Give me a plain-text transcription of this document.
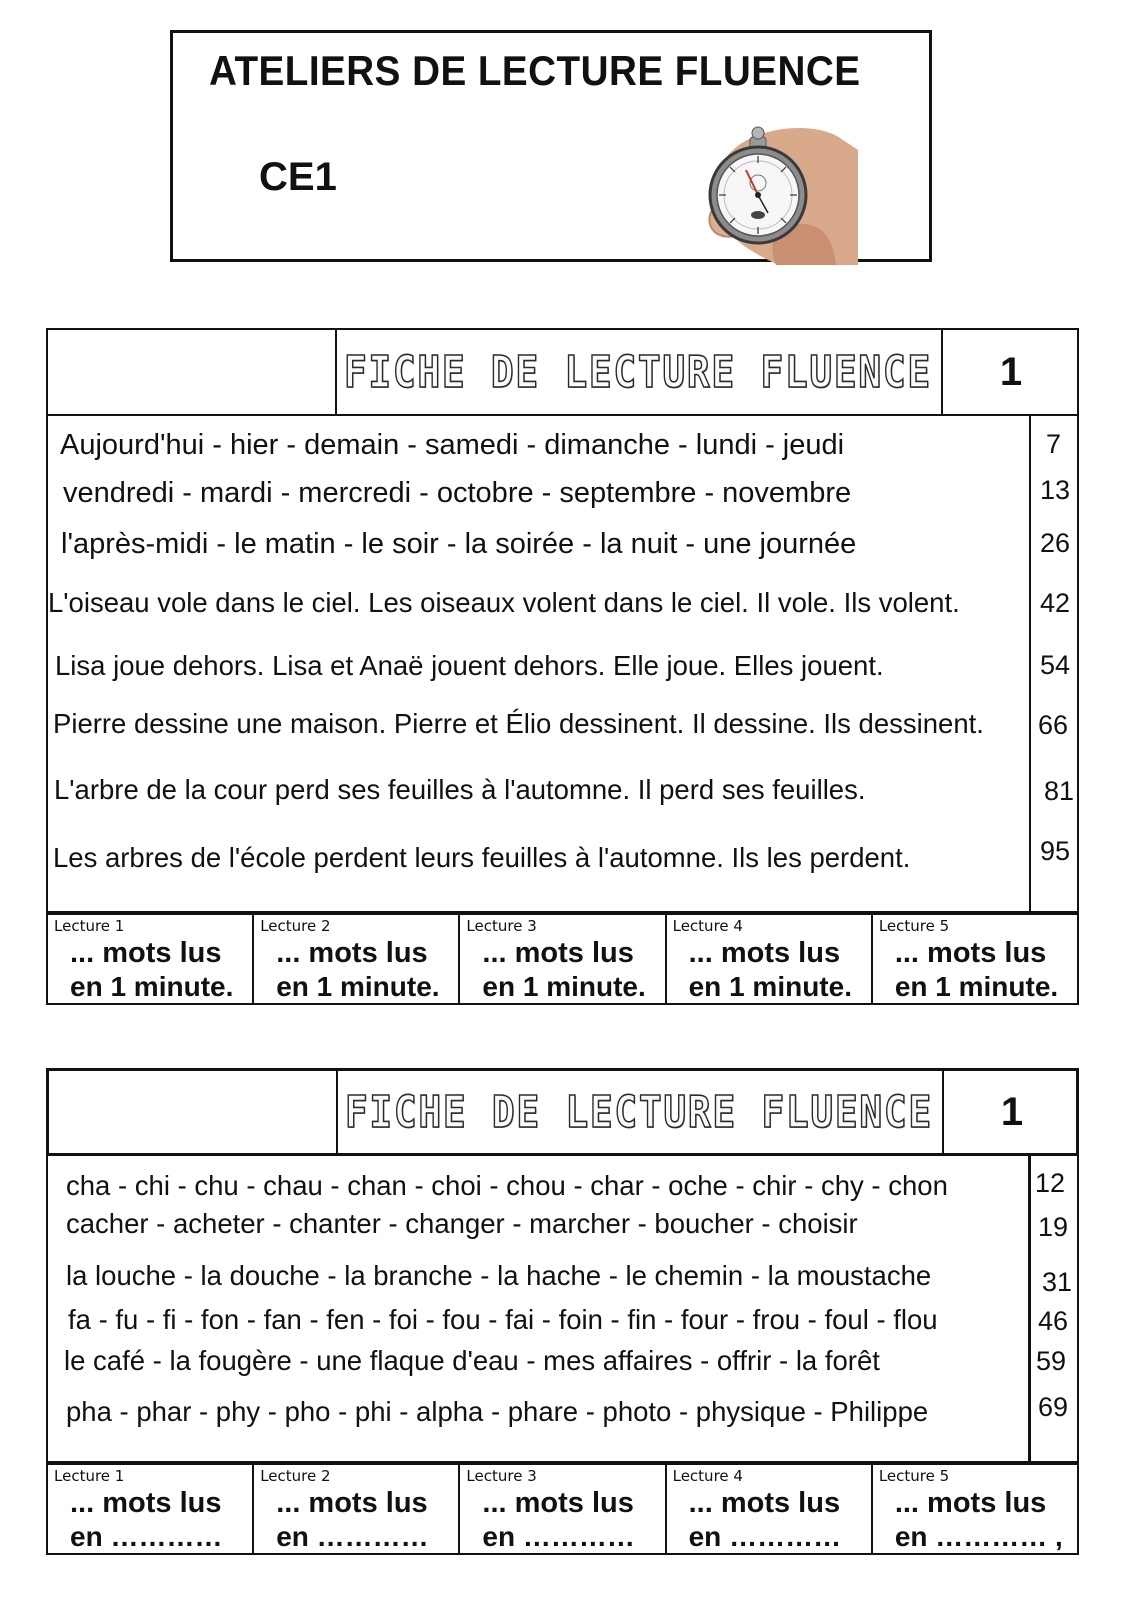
ATELIERS DE LECTURE FLUENCE
CE1
FICHE DE LECTURE FLUENCE	1
Aujourd'hui - hier - demain - samedi - dimanche - lundi - jeudi	7
vendredi - mardi - mercredi - octobre - septembre - novembre	13
l'après-midi - le matin - le soir - la soirée - la nuit - une journée	26
L'oiseau vole dans le ciel. Les oiseaux volent dans le ciel. Il vole. Ils volent.	42
Lisa joue dehors. Lisa et Anaë jouent dehors. Elle joue. Elles jouent.	54
Pierre dessine une maison. Pierre et Élio dessinent. Il dessine. Ils dessinent. 66
L'arbre de la cour perd ses feuilles à l'automne. Il perd ses feuilles.	81
Les arbres de l'école perdent leurs feuilles à l'automne. Ils les perdent.	95
Lecture 1
... mots lus
en 1 minute.
Lecture 2
... mots lus
en 1 minute.
Lecture 3
... mots lus
en 1 minute.
Lecture 4
... mots lus
en 1 minute.
Lecture 5
... mots lus
en 1 minute.
FICHE DE LECTURE FLUENCE	1
cha - chi - chu - chau - chan - choi - chou - char - oche - chir - chy - chon	12
cacher - acheter - chanter - changer - marcher - boucher - choisir	19
la louche - la douche - la branche - la hache - le chemin - la moustache	31
fa - fu - fi - fon - fan - fen - foi - fou - fai - foin - fin - four - frou - foul - flou	46
le café - la fougère - une flaque d'eau - mes affaires - offrir - la forêt	59
pha - phar - phy - pho - phi - alpha - phare - photo - physique - Philippe	69
Lecture 1
... mots lus
en …………
Lecture 2
... mots lus
en …………
Lecture 3
... mots lus
en …………
Lecture 4
... mots lus
en …………
Lecture 5
... mots lus
en ………… ,
